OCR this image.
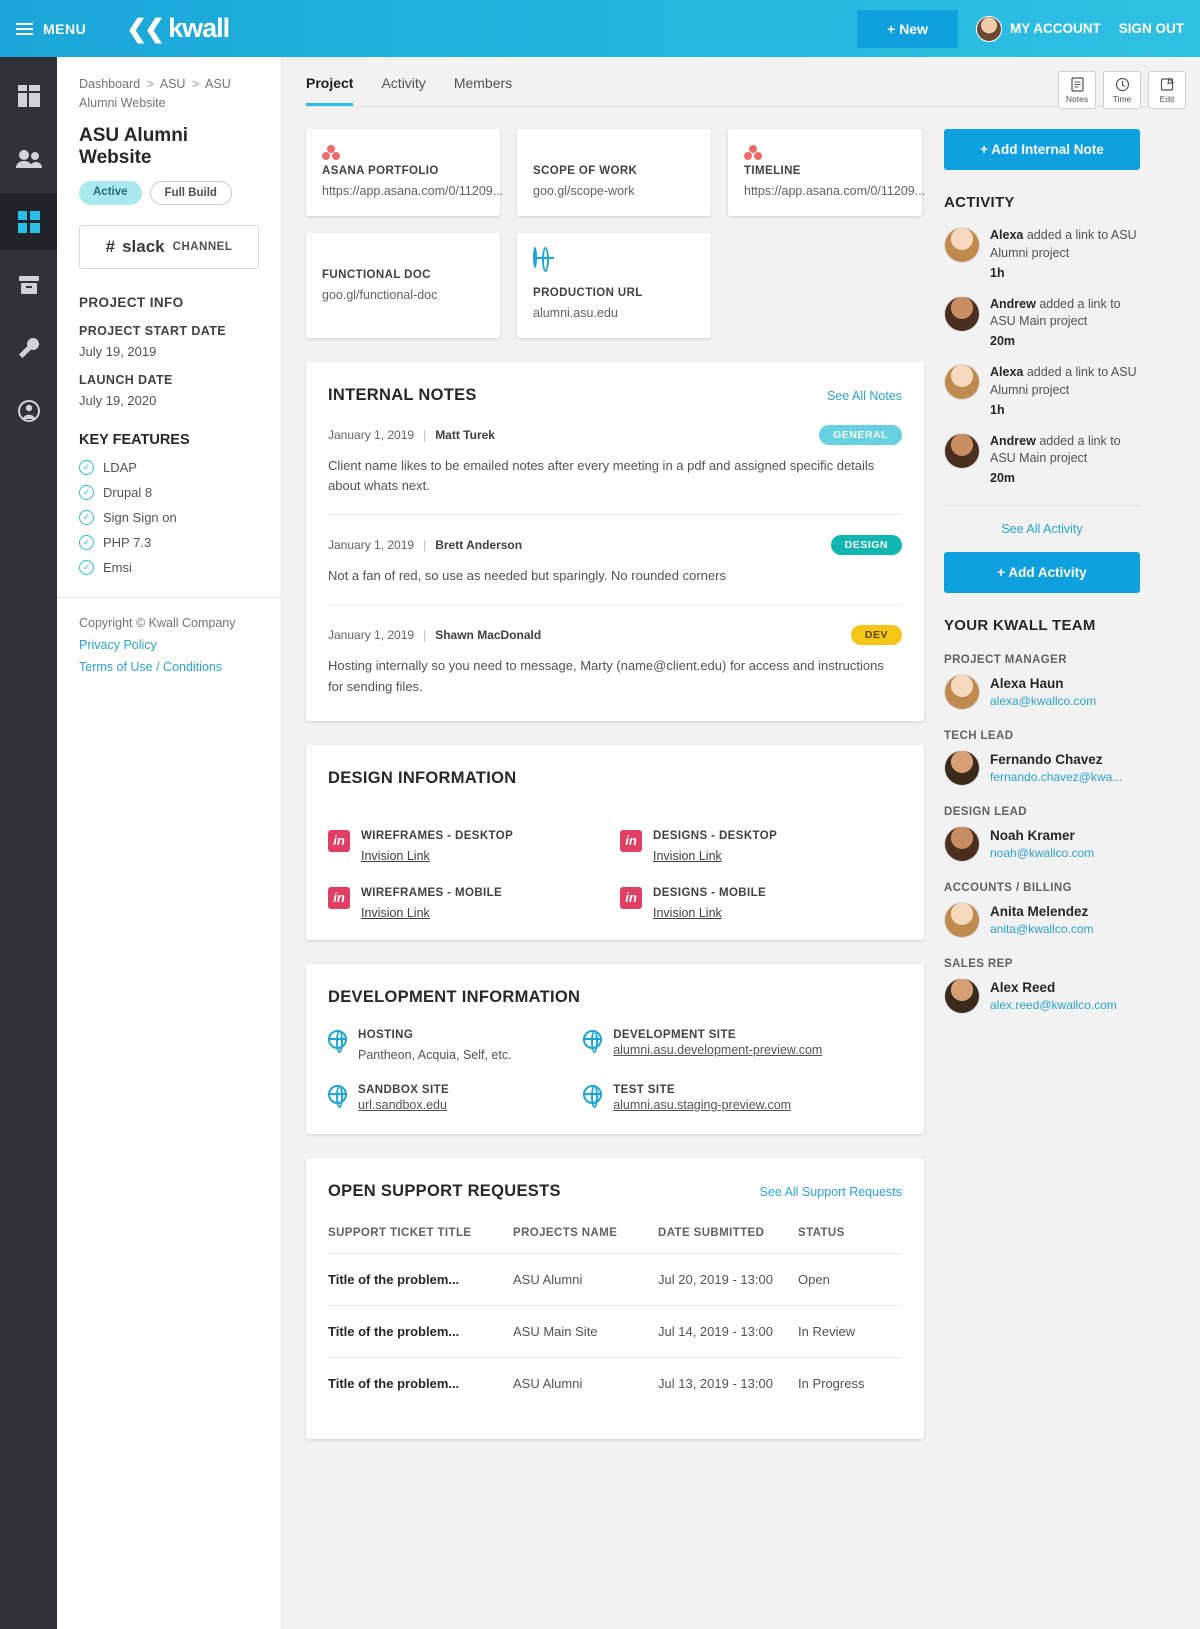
MENU ❮❮ kwall	+ New	MY ACCOUNT SIGN OUT
Dashboard > ASU > ASU Alumni Website
ASU Alumni Website
Active	Full Build
# slack CHANNEL
PROJECT INFO
PROJECT START DATE
July 19, 2019
LAUNCH DATE
July 19, 2020
KEY FEATURES
✓ LDAP
✓ Drupal 8
✓ Sign Sign on
✓ PHP 7.3
✓ Emsi
Copyright © Kwall Company
Privacy Policy
Terms of Use / Conditions
Project Activity Members
Notes	Time	Edit
ASANA PORTFOLIO
https://app.asana.com/0/11209...
SCOPE OF WORK
goo.gl/scope-work
TIMELINE
https://app.asana.com/0/11209...
FUNCTIONAL DOC
goo.gl/functional-doc	PRODUCTION URL
alumni.asu.edu
INTERNAL NOTES	See All Notes
January 1, 2019 | Matt Turek	GENERAL
Client name likes to be emailed notes after every meeting in a pdf and assigned specific details about whats next.
January 1, 2019 | Brett Anderson	DESIGN
Not a fan of red, so use as needed but sparingly. No rounded corners
January 1, 2019 | Shawn MacDonald	DEV
Hosting internally so you need to message, Marty (name@client.edu) for access and instructions for sending files.
DESIGN INFORMATION
in	WIREFRAMES - DESKTOP
Invision Link
in	DESIGNS - DESKTOP
Invision Link
in	WIREFRAMES - MOBILE
Invision Link
in	DESIGNS - MOBILE
Invision Link
DEVELOPMENT INFORMATION
HOSTING
Pantheon, Acquia, Self, etc.
DEVELOPMENT SITE
alumni.asu.development-preview.com
SANDBOX SITE
url.sandbox.edu
TEST SITE
alumni.asu.staging-preview.com
OPEN SUPPORT REQUESTS	See All Support Requests
SUPPORT TICKET TITLE	PROJECTS NAME	DATE SUBMITTED	STATUS
Title of the problem...	ASU Alumni	Jul 20, 2019 - 13:00	Open
Title of the problem...	ASU Main Site	Jul 14, 2019 - 13:00	In Review
Title of the problem...	ASU Alumni	Jul 13, 2019 - 13:00	In Progress
+ Add Internal Note
ACTIVITY
Alexa added a link to ASU Alumni project
1h
Andrew added a link to ASU Main project
20m
Alexa added a link to ASU Alumni project
1h
Andrew added a link to ASU Main project
20m
See All Activity
+ Add Activity
YOUR KWALL TEAM
PROJECT MANAGER
Alexa Haun
alexa@kwallco.com
TECH LEAD
Fernando Chavez
fernando.chavez@kwa...
DESIGN LEAD
Noah Kramer
noah@kwallco.com
ACCOUNTS / BILLING
Anita Melendez
anita@kwallco.com
SALES REP
Alex Reed
alex.reed@kwallco.com
